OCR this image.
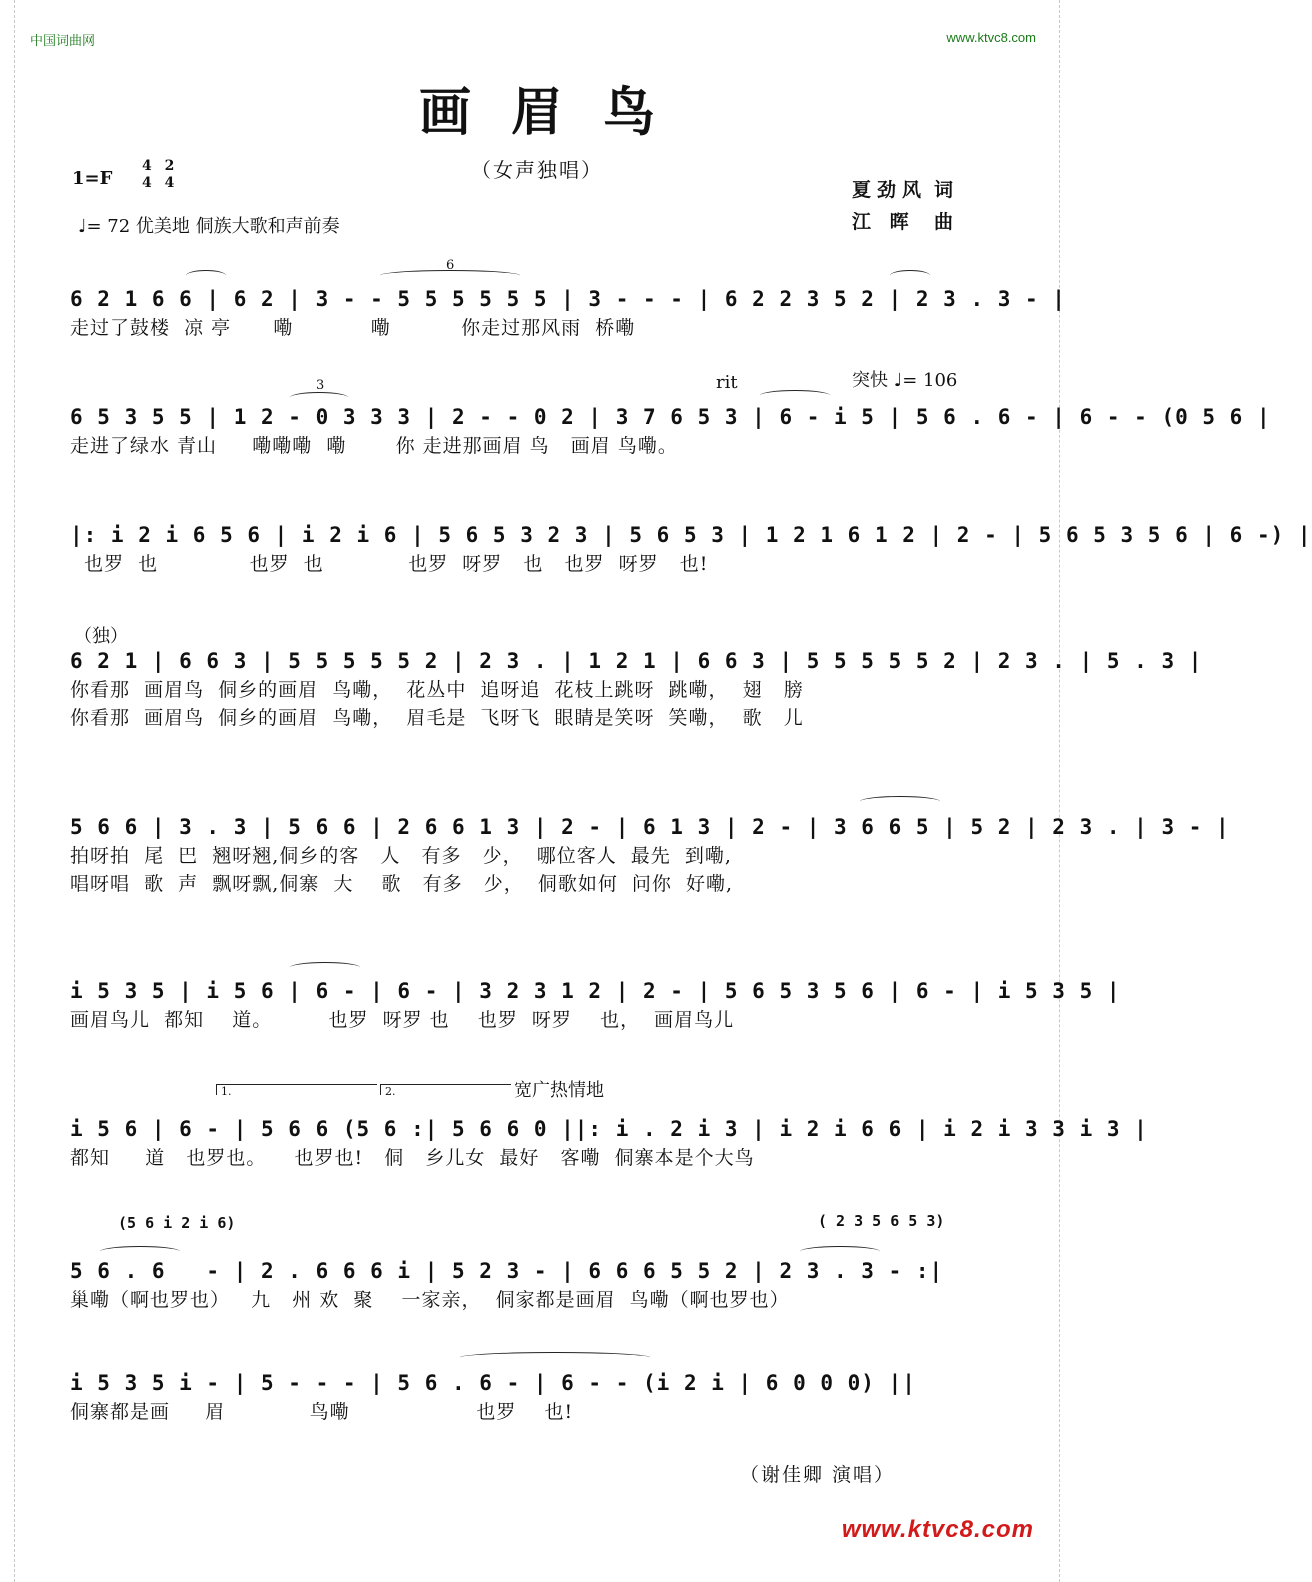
中国词曲网	www.ktvc8.com
画眉鸟
（女声独唱）
1=F
4
4

2
4
♩= 72 优美地 侗族大歌和声前奏
夏劲风 词
江 晖	曲
6 2 1 6 6 | 6 2 | 3 - - 5 5 5 5 5 5 | 3 - - - | 6 2 2 3 5 2 | 2 3 . 3 - |
走过了鼓楼  凉 亭      嘞           嘞          你走过那风雨  桥嘞
6
6 5 3 5 5 | 1 2 - 0 3 3 3 | 2 - - 0 2 | 3 7 6 5 3 | 6 - i 5 | 5 6 . 6 - | 6 - - (0 5 6 |
走进了绿水 青山     嘞嘞嘞  嘞       你 走进那画眉 鸟   画眉 鸟嘞。
rit	突快 ♩= 106
3
|: i 2 i 6 5 6 | i 2 i 6 | 5 6 5 3 2 3 | 5 6 5 3 | 1 2 1 6 1 2 | 2 - | 5 6 5 3 5 6 | 6 -) |
也罗  也             也罗  也            也罗  呀罗   也   也罗  呀罗   也!
（独）
6 2 1 | 6 6 3 | 5 5 5 5 5 2 | 2 3 . | 1 2 1 | 6 6 3 | 5 5 5 5 5 2 | 2 3 . | 5 . 3 |
你看那  画眉鸟  侗乡的画眉  鸟嘞，  花丛中  追呀追  花枝上跳呀  跳嘞，  翅   膀
你看那  画眉鸟  侗乡的画眉  鸟嘞，  眉毛是  飞呀飞  眼睛是笑呀  笑嘞，  歌   儿
5 6 6 | 3 . 3 | 5 6 6 | 2 6 6 1 3 | 2 - | 6 1 3 | 2 - | 3 6 6 5 | 5 2 | 2 3 . | 3 - |
拍呀拍  尾  巴  翘呀翘,侗乡的客   人   有多   少，  哪位客人  最先  到嘞,
唱呀唱  歌  声  飘呀飘,侗寨  大    歌   有多   少，  侗歌如何  问你  好嘞,
i 5 3 5 | i 5 6 | 6 - | 6 - | 3 2 3 1 2 | 2 - | 5 6 5 3 5 6 | 6 - | i 5 3 5 |
画眉鸟儿  都知    道。        也罗  呀罗 也    也罗  呀罗    也，  画眉鸟儿
1.	2.	宽广热情地
i 5 6 | 6 - | 5 6 6 (5 6 :| 5 6 6 0 ||: i . 2 i 3 | i 2 i 6 6 | i 2 i 3 3 i 3 |
都知     道   也罗也。    也罗也!   侗   乡儿女  最好   客嘞  侗寨本是个大鸟
(5 6 i 2 i 6)	( 2 3 5 6 5 3)
5 6 . 6   - | 2 . 6 6 6 i | 5 2 3 - | 6 6 6 5 5 2 | 2 3 . 3 - :|
巢嘞（啊也罗也）   九   州 欢  聚    一家亲，  侗家都是画眉  鸟嘞（啊也罗也）
i 5 3 5 i - | 5 - - - | 5 6 . 6 - | 6 - - (i 2 i | 6 0 0 0) ||
侗寨都是画     眉            鸟嘞                  也罗    也!
（谢佳卿 演唱）
www.ktvc8.com
